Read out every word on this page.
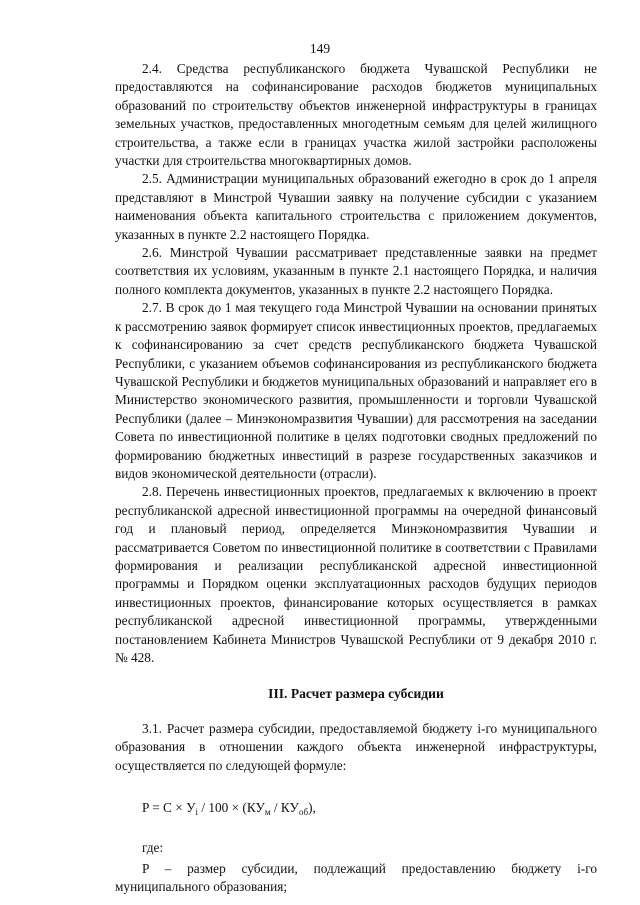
149

2.4. Средства республиканского бюджета Чувашской Республики не предоставляются на софинансирование расходов бюджетов муниципальных образований по строительству объектов инженерной инфраструктуры в границах земельных участков, предоставленных многодетным семьям для целей жилищного строительства, а также если в границах участка жилой застройки расположены участки для строительства многоквартирных домов.

2.5. Администрации муниципальных образований ежегодно в срок до 1 апреля представляют в Минстрой Чувашии заявку на получение субсидии с указанием наименования объекта капитального строительства с приложением документов, указанных в пункте 2.2 настоящего Порядка.

2.6. Минстрой Чувашии рассматривает представленные заявки на предмет соответствия их условиям, указанным в пункте 2.1 настоящего Порядка, и наличия полного комплекта документов, указанных в пункте 2.2 настоящего Порядка.

2.7. В срок до 1 мая текущего года Минстрой Чувашии на основании принятых к рассмотрению заявок формирует список инвестиционных проектов, предлагаемых к софинансированию за счет средств республиканского бюджета Чувашской Республики, с указанием объемов софинансирования из республиканского бюджета Чувашской Республики и бюджетов муниципальных образований и направляет его в Министерство экономического развития, промышленности и торговли Чувашской Республики (далее – Минэкономразвития Чувашии) для рассмотрения на заседании Совета по инвестиционной политике в целях подготовки сводных предложений по формированию бюджетных инвестиций в разрезе государственных заказчиков и видов экономической деятельности (отрасли).

2.8. Перечень инвестиционных проектов, предлагаемых к включению в проект республиканской адресной инвестиционной программы на очередной финансовый год и плановый период, определяется Минэкономразвития Чувашии и рассматривается Советом по инвестиционной политике в соответствии с Правилами формирования и реализации республиканской адресной инвестиционной программы и Порядком оценки эксплуатационных расходов будущих периодов инвестиционных проектов, финансирование которых осуществляется в рамках республиканской адресной инвестиционной программы, утвержденными постановлением Кабинета Министров Чувашской Республики от 9 декабря 2010 г. № 428.

III. Расчет размера субсидии

3.1. Расчет размера субсидии, предоставляемой бюджету i-го муниципального образования в отношении каждого объекта инженерной инфраструктуры, осуществляется по следующей формуле:

$P = C \times У_i / 100 \times (КУ_м / КУ_{об})$,
где:

P – размер субсидии, подлежащий предоставлению бюджету i-го муниципального образования;
